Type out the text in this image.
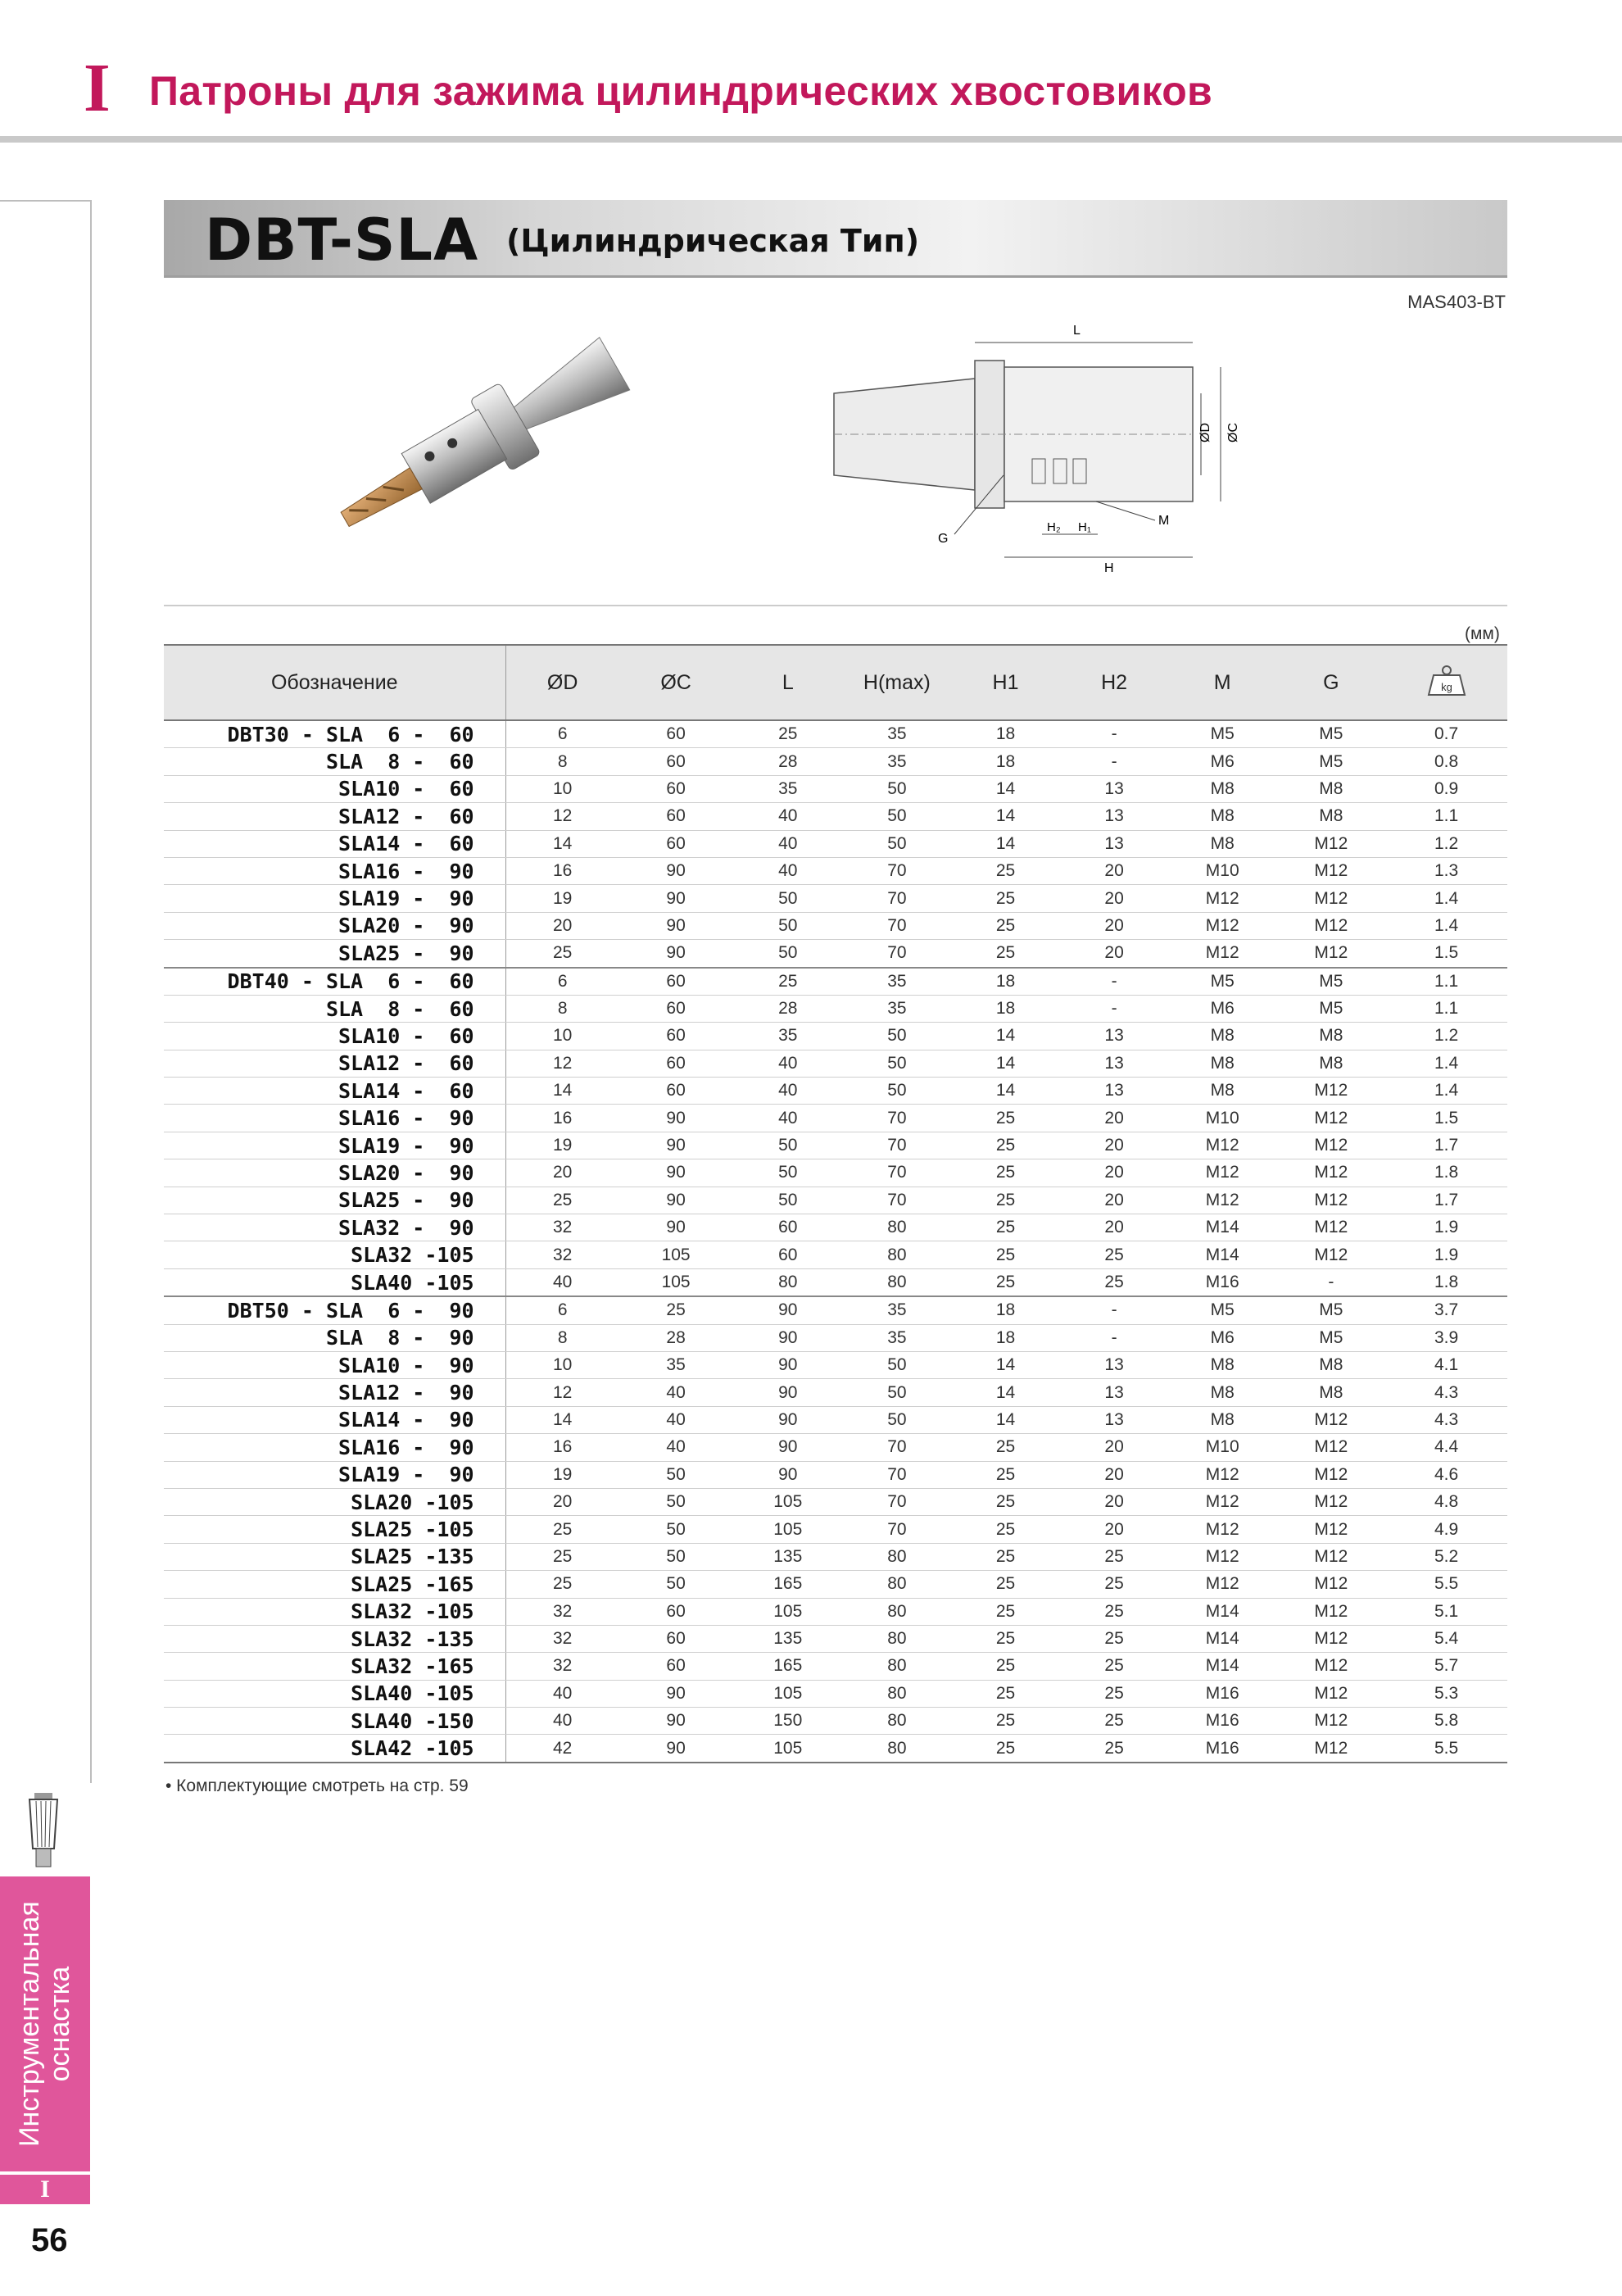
I Патроны для зажима цилиндрических хвостовиков
DBT-SLA (Цилиндрическая Тип)
MAS403-BT
L
ØD ØC
M
G
H₂ H₁
H
(мм)
Обозначение	ØD	ØC	L	H(max)	H1	H2	M	G	kg

DBT30 - SLA  6 -  60	6	60	25	35	18	-	M5	M5	0.7
SLA  8 -  60	8	60	28	35	18	-	M6	M5	0.8
SLA10 -  60	10	60	35	50	14	13	M8	M8	0.9
SLA12 -  60	12	60	40	50	14	13	M8	M8	1.1
SLA14 -  60	14	60	40	50	14	13	M8	M12	1.2
SLA16 -  90	16	90	40	70	25	20	M10	M12	1.3
SLA19 -  90	19	90	50	70	25	20	M12	M12	1.4
SLA20 -  90	20	90	50	70	25	20	M12	M12	1.4
SLA25 -  90	25	90	50	70	25	20	M12	M12	1.5
DBT40 - SLA  6 -  60	6	60	25	35	18	-	M5	M5	1.1
SLA  8 -  60	8	60	28	35	18	-	M6	M5	1.1
SLA10 -  60	10	60	35	50	14	13	M8	M8	1.2
SLA12 -  60	12	60	40	50	14	13	M8	M8	1.4
SLA14 -  60	14	60	40	50	14	13	M8	M12	1.4
SLA16 -  90	16	90	40	70	25	20	M10	M12	1.5
SLA19 -  90	19	90	50	70	25	20	M12	M12	1.7
SLA20 -  90	20	90	50	70	25	20	M12	M12	1.8
SLA25 -  90	25	90	50	70	25	20	M12	M12	1.7
SLA32 -  90	32	90	60	80	25	20	M14	M12	1.9
SLA32 -105	32	105	60	80	25	25	M14	M12	1.9
SLA40 -105	40	105	80	80	25	25	M16	-	1.8
DBT50 - SLA  6 -  90	6	25	90	35	18	-	M5	M5	3.7
SLA  8 -  90	8	28	90	35	18	-	M6	M5	3.9
SLA10 -  90	10	35	90	50	14	13	M8	M8	4.1
SLA12 -  90	12	40	90	50	14	13	M8	M8	4.3
SLA14 -  90	14	40	90	50	14	13	M8	M12	4.3
SLA16 -  90	16	40	90	70	25	20	M10	M12	4.4
SLA19 -  90	19	50	90	70	25	20	M12	M12	4.6
SLA20 -105	20	50	105	70	25	20	M12	M12	4.8
SLA25 -105	25	50	105	70	25	20	M12	M12	4.9
SLA25 -135	25	50	135	80	25	25	M12	M12	5.2
SLA25 -165	25	50	165	80	25	25	M12	M12	5.5
SLA32 -105	32	60	105	80	25	25	M14	M12	5.1
SLA32 -135	32	60	135	80	25	25	M14	M12	5.4
SLA32 -165	32	60	165	80	25	25	M14	M12	5.7
SLA40 -105	40	90	105	80	25	25	M16	M12	5.3
SLA40 -150	40	90	150	80	25	25	M16	M12	5.8
SLA42 -105	42	90	105	80	25	25	M16	M12	5.5
• Комплектующие смотреть на стр. 59
Инструментальная оснастка
I
56
